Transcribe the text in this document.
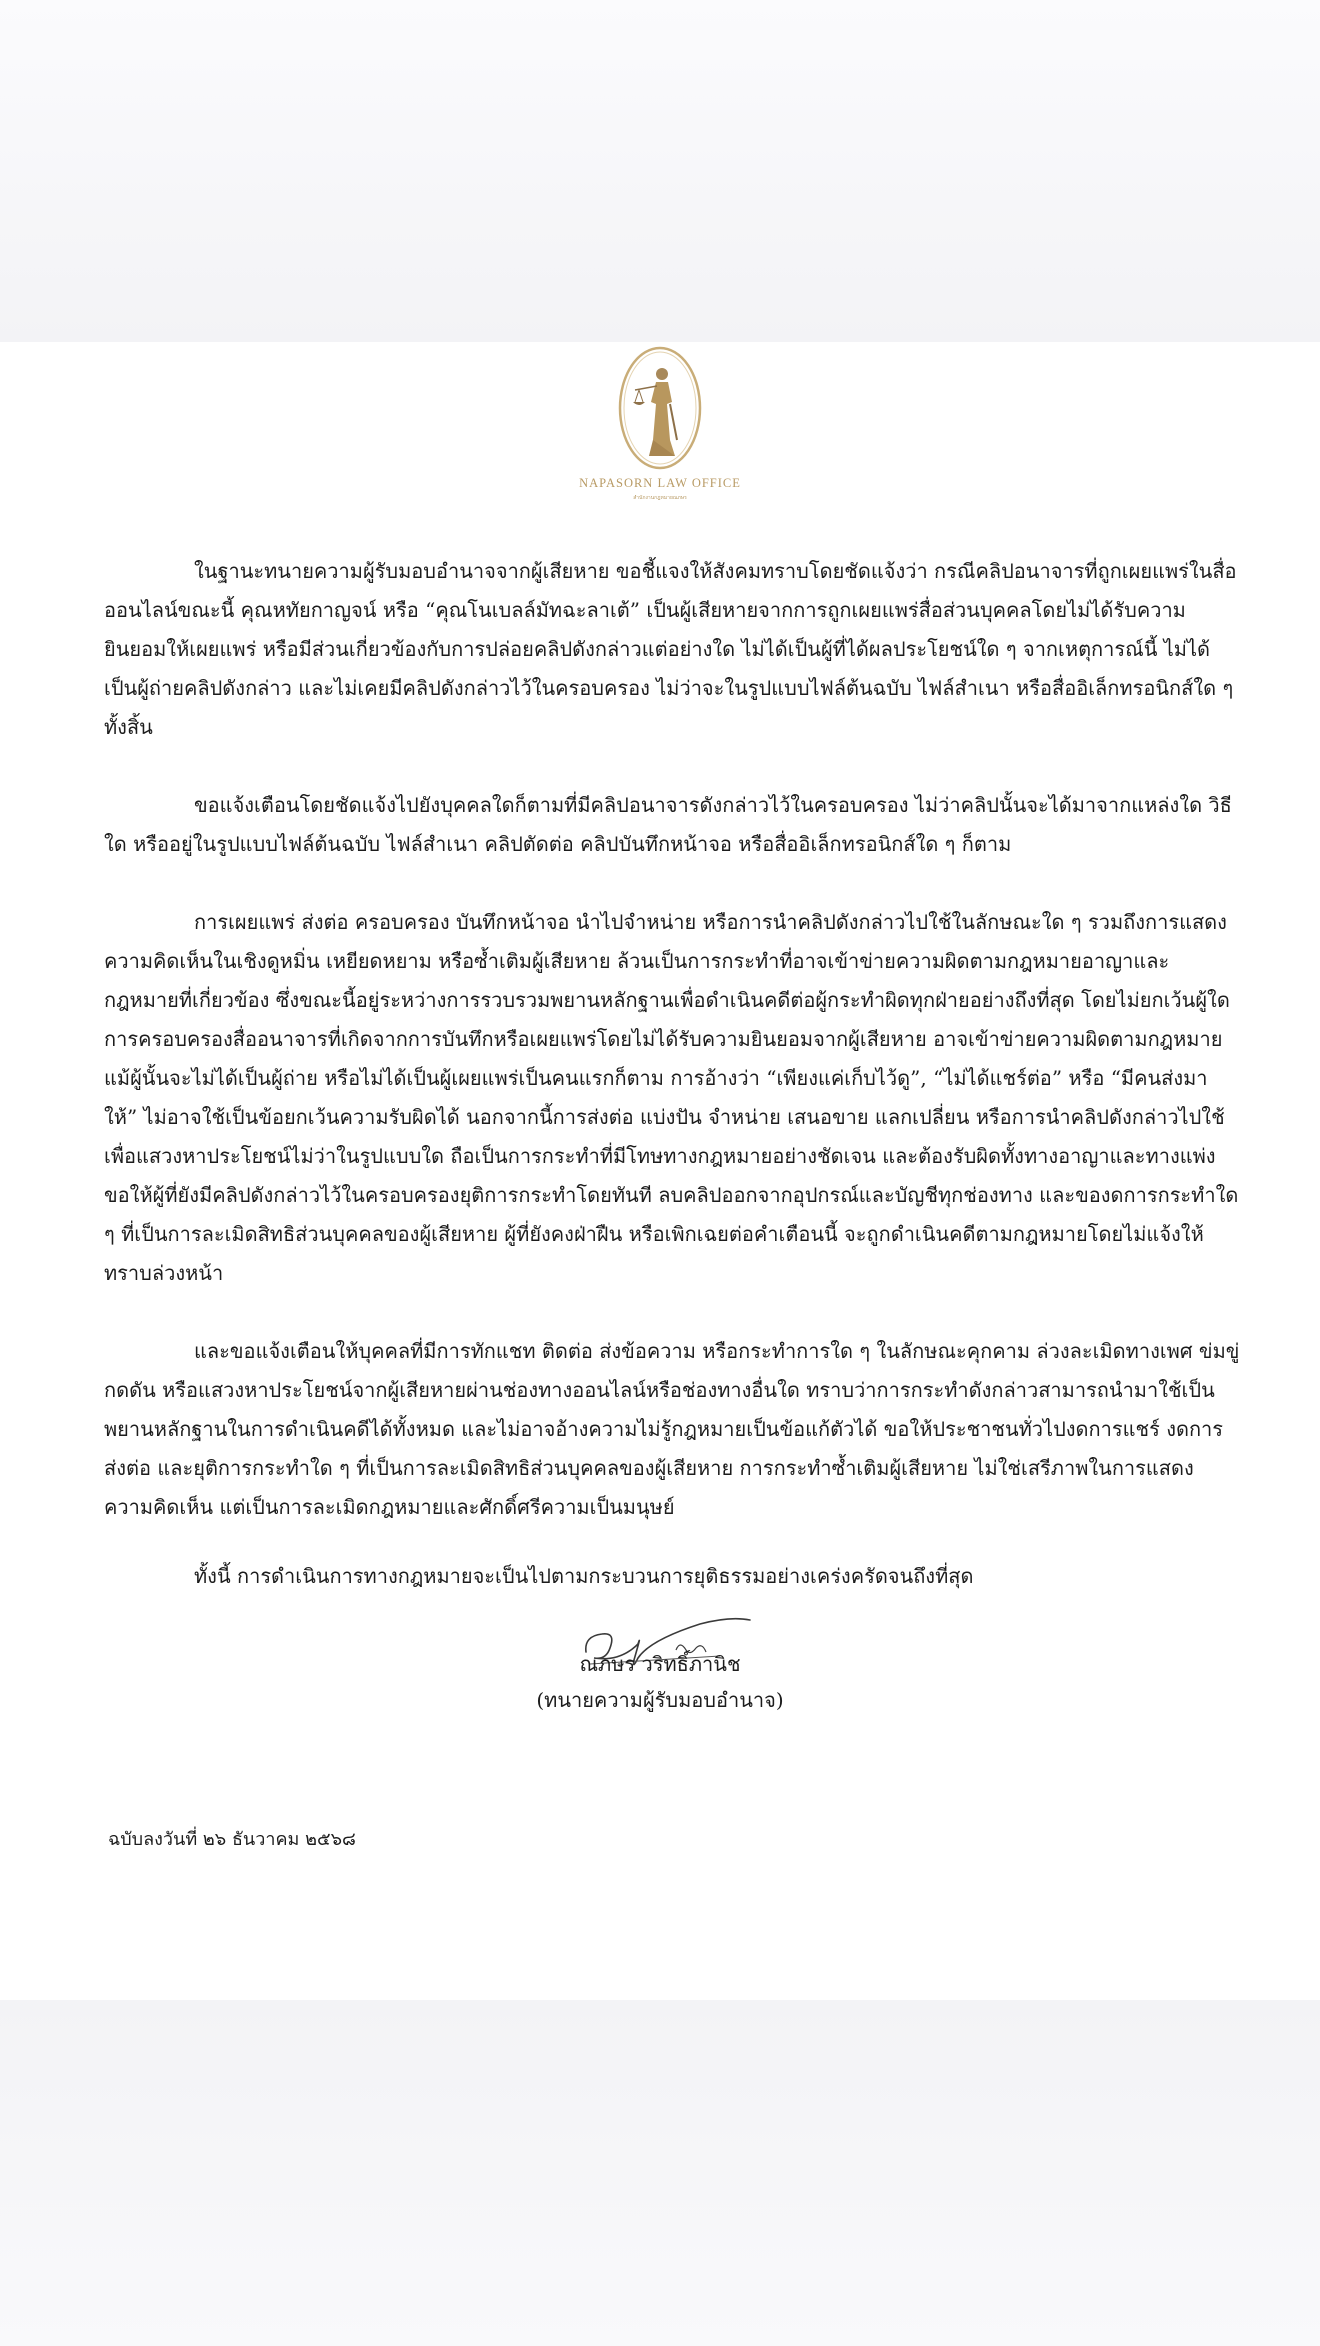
NAPASORN LAW OFFICE
สำนักงานกฎหมายณภษร

ในฐานะทนายความผู้รับมอบอำนาจจากผู้เสียหาย ขอชี้แจงให้สังคมทราบโดยชัดแจ้งว่า กรณีคลิปอนาจารที่ถูกเผยแพร่ในสื่อออนไลน์ขณะนี้ คุณหทัยกาญจน์ หรือ “คุณโนเบลล์มัทฉะลาเต้” เป็นผู้เสียหายจากการถูกเผยแพร่สื่อส่วนบุคคลโดยไม่ได้รับความยินยอมให้เผยแพร่ หรือมีส่วนเกี่ยวข้องกับการปล่อยคลิปดังกล่าวแต่อย่างใด ไม่ได้เป็นผู้ที่ได้ผลประโยชน์ใด ๆ จากเหตุการณ์นี้ ไม่ได้เป็นผู้ถ่ายคลิปดังกล่าว และไม่เคยมีคลิปดังกล่าวไว้ในครอบครอง ไม่ว่าจะในรูปแบบไฟล์ต้นฉบับ ไฟล์สำเนา หรือสื่ออิเล็กทรอนิกส์ใด ๆ ทั้งสิ้น

ขอแจ้งเตือนโดยชัดแจ้งไปยังบุคคลใดก็ตามที่มีคลิปอนาจารดังกล่าวไว้ในครอบครอง ไม่ว่าคลิปนั้นจะได้มาจากแหล่งใด วิธีใด หรืออยู่ในรูปแบบไฟล์ต้นฉบับ ไฟล์สำเนา คลิปตัดต่อ คลิปบันทึกหน้าจอ หรือสื่ออิเล็กทรอนิกส์ใด ๆ ก็ตาม

การเผยแพร่ ส่งต่อ ครอบครอง บันทึกหน้าจอ นำไปจำหน่าย หรือการนำคลิปดังกล่าวไปใช้ในลักษณะใด ๆ รวมถึงการแสดงความคิดเห็นในเชิงดูหมิ่น เหยียดหยาม หรือซ้ำเติมผู้เสียหาย ล้วนเป็นการกระทำที่อาจเข้าข่ายความผิดตามกฎหมายอาญาและกฎหมายที่เกี่ยวข้อง ซึ่งขณะนี้อยู่ระหว่างการรวบรวมพยานหลักฐานเพื่อดำเนินคดีต่อผู้กระทำผิดทุกฝ่ายอย่างถึงที่สุด โดยไม่ยกเว้นผู้ใด การครอบครองสื่ออนาจารที่เกิดจากการบันทึกหรือเผยแพร่โดยไม่ได้รับความยินยอมจากผู้เสียหาย อาจเข้าข่ายความผิดตามกฎหมาย แม้ผู้นั้นจะไม่ได้เป็นผู้ถ่าย หรือไม่ได้เป็นผู้เผยแพร่เป็นคนแรกก็ตาม การอ้างว่า “เพียงแค่เก็บไว้ดู”, “ไม่ได้แชร์ต่อ” หรือ “มีคนส่งมาให้” ไม่อาจใช้เป็นข้อยกเว้นความรับผิดได้ นอกจากนี้การส่งต่อ แบ่งปัน จำหน่าย เสนอขาย แลกเปลี่ยน หรือการนำคลิปดังกล่าวไปใช้เพื่อแสวงหาประโยชน์ไม่ว่าในรูปแบบใด ถือเป็นการกระทำที่มีโทษทางกฎหมายอย่างชัดเจน และต้องรับผิดทั้งทางอาญาและทางแพ่ง ขอให้ผู้ที่ยังมีคลิปดังกล่าวไว้ในครอบครองยุติการกระทำโดยทันที ลบคลิปออกจากอุปกรณ์และบัญชีทุกช่องทาง และของดการกระทำใด ๆ ที่เป็นการละเมิดสิทธิส่วนบุคคลของผู้เสียหาย ผู้ที่ยังคงฝ่าฝืน หรือเพิกเฉยต่อคำเตือนนี้ จะถูกดำเนินคดีตามกฎหมายโดยไม่แจ้งให้ทราบล่วงหน้า

และขอแจ้งเตือนให้บุคคลที่มีการทักแชท ติดต่อ ส่งข้อความ หรือกระทำการใด ๆ ในลักษณะคุกคาม ล่วงละเมิดทางเพศ ข่มขู่ กดดัน หรือแสวงหาประโยชน์จากผู้เสียหายผ่านช่องทางออนไลน์หรือช่องทางอื่นใด ทราบว่าการกระทำดังกล่าวสามารถนำมาใช้เป็นพยานหลักฐานในการดำเนินคดีได้ทั้งหมด และไม่อาจอ้างความไม่รู้กฎหมายเป็นข้อแก้ตัวได้ ขอให้ประชาชนทั่วไปงดการแชร์ งดการส่งต่อ และยุติการกระทำใด ๆ ที่เป็นการละเมิดสิทธิส่วนบุคคลของผู้เสียหาย การกระทำซ้ำเติมผู้เสียหาย ไม่ใช่เสรีภาพในการแสดงความคิดเห็น แต่เป็นการละเมิดกฎหมายและศักดิ์ศรีความเป็นมนุษย์

ทั้งนี้ การดำเนินการทางกฎหมายจะเป็นไปตามกระบวนการยุติธรรมอย่างเคร่งครัดจนถึงที่สุด

ณภษร วริทธิ์ภานิช
(ทนายความผู้รับมอบอำนาจ)
ฉบับลงวันที่ ๒๖ ธันวาคม ๒๕๖๘
